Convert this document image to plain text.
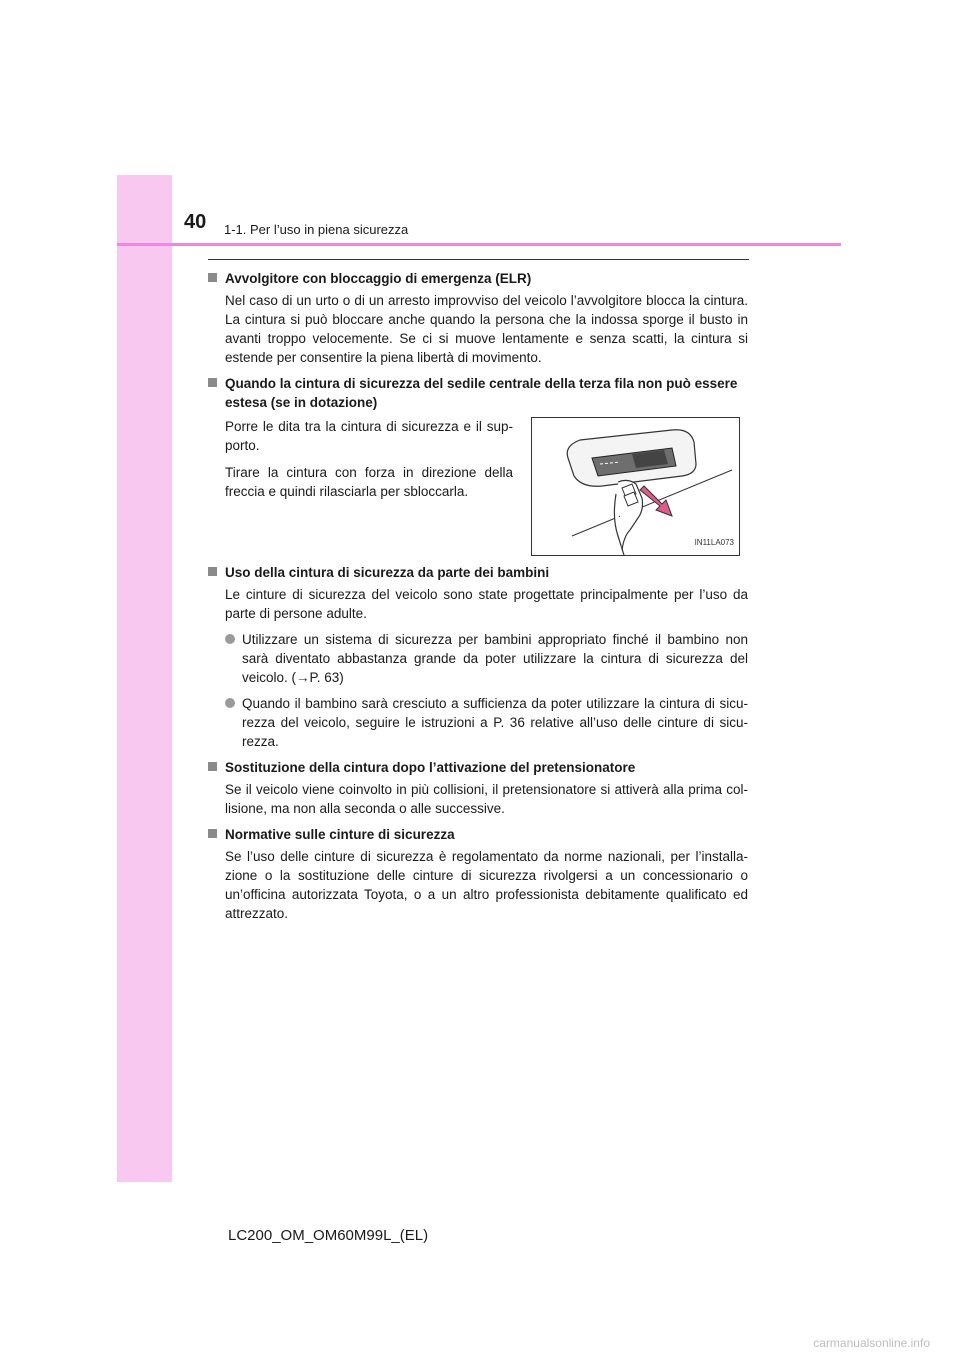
40 1-1. Per l’uso in piena sicurezza
Avvolgitore con bloccaggio di emergenza (ELR)
Nel caso di un urto o di un arresto improvviso del veicolo l’avvolgitore blocca la cintura. La cintura si può bloccare anche quando la persona che la indossa sporge il busto in avanti troppo velocemente. Se ci si muove lentamente e senza scatti, la cintura si estende per consentire la piena libertà di movimento.
Quando la cintura di sicurezza del sedile centrale della terza fila non può essere estesa (se in dotazione)

Porre le dita tra la cintura di sicurezza e il sup-porto.

Tirare la cintura con forza in direzione della freccia e quindi rilasciarla per sbloccarla.

IN11LA073
Uso della cintura di sicurezza da parte dei bambini
Le cinture di sicurezza del veicolo sono state progettate principalmente per l’uso da parte di persone adulte.
Utilizzare un sistema di sicurezza per bambini appropriato finché il bambino non sarà diventato abbastanza grande da poter utilizzare la cintura di sicurezza del veicolo. (→P. 63)
Quando il bambino sarà cresciuto a sufficienza da poter utilizzare la cintura di sicu-rezza del veicolo, seguire le istruzioni a P. 36 relative all’uso delle cinture di sicu-rezza.
Sostituzione della cintura dopo l’attivazione del pretensionatore
Se il veicolo viene coinvolto in più collisioni, il pretensionatore si attiverà alla prima col-lisione, ma non alla seconda o alle successive.
Normative sulle cinture di sicurezza
Se l’uso delle cinture di sicurezza è regolamentato da norme nazionali, per l’installa-zione o la sostituzione delle cinture di sicurezza rivolgersi a un concessionario o un’officina autorizzata Toyota, o a un altro professionista debitamente qualificato ed attrezzato.
LC200_OM_OM60M99L_(EL)
carmanualsonline.info
